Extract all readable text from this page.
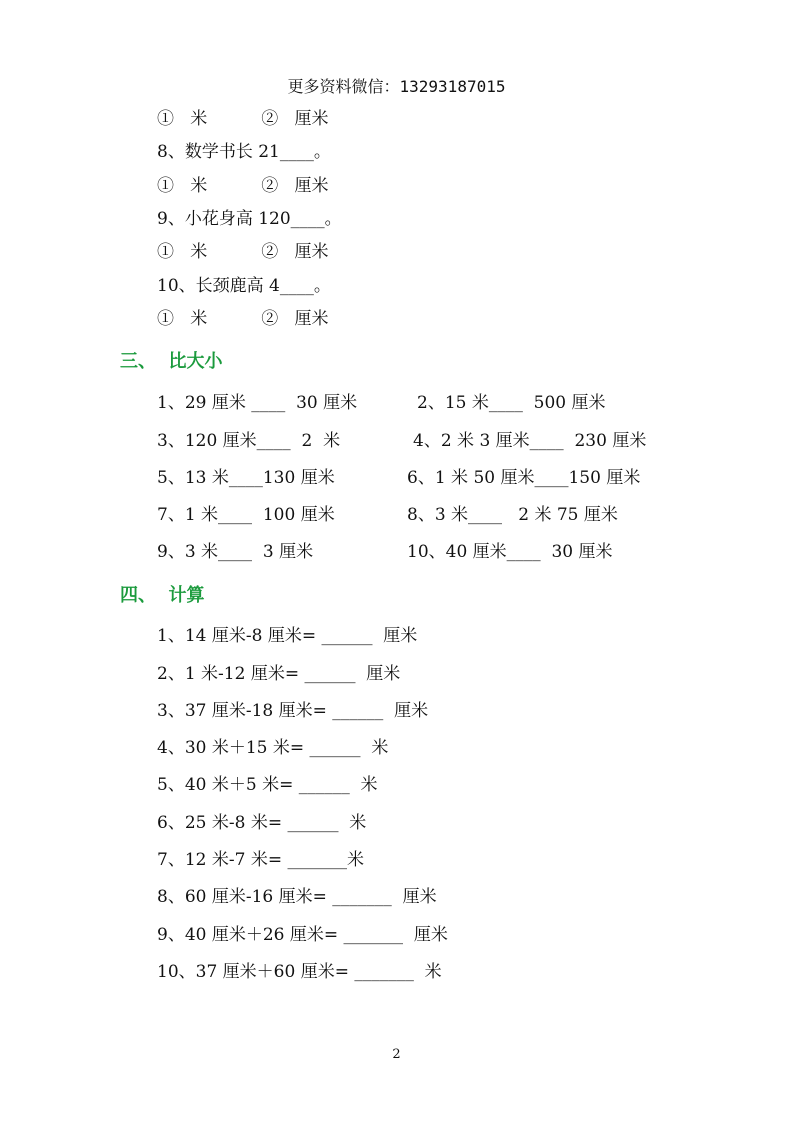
更多资料微信：13293187015
①   米          ②   厘米
8、数学书长 21____。
①   米          ②   厘米
9、小花身高 120____。
①   米          ②   厘米
10、长颈鹿高 4____。
①   米          ②   厘米
三、  比大小
1、29 厘米 ____  30 厘米	2、15 米____  500 厘米
3、120 厘米____  2  米	4、2 米 3 厘米____  230 厘米
5、13 米____130 厘米	6、1 米 50 厘米____150 厘米
7、1 米____  100 厘米	8、3 米____   2 米 75 厘米
9、3 米____  3 厘米	10、40 厘米____  30 厘米
四、  计算
1、14 厘米-8 厘米= ______  厘米
2、1 米-12 厘米= ______  厘米
3、37 厘米-18 厘米= ______  厘米
4、30 米＋15 米= ______  米
5、40 米＋5 米= ______  米
6、25 米-8 米= ______  米
7、12 米-7 米= _______米
8、60 厘米-16 厘米= _______  厘米
9、40 厘米＋26 厘米= _______  厘米
10、37 厘米＋60 厘米= _______  米
2
